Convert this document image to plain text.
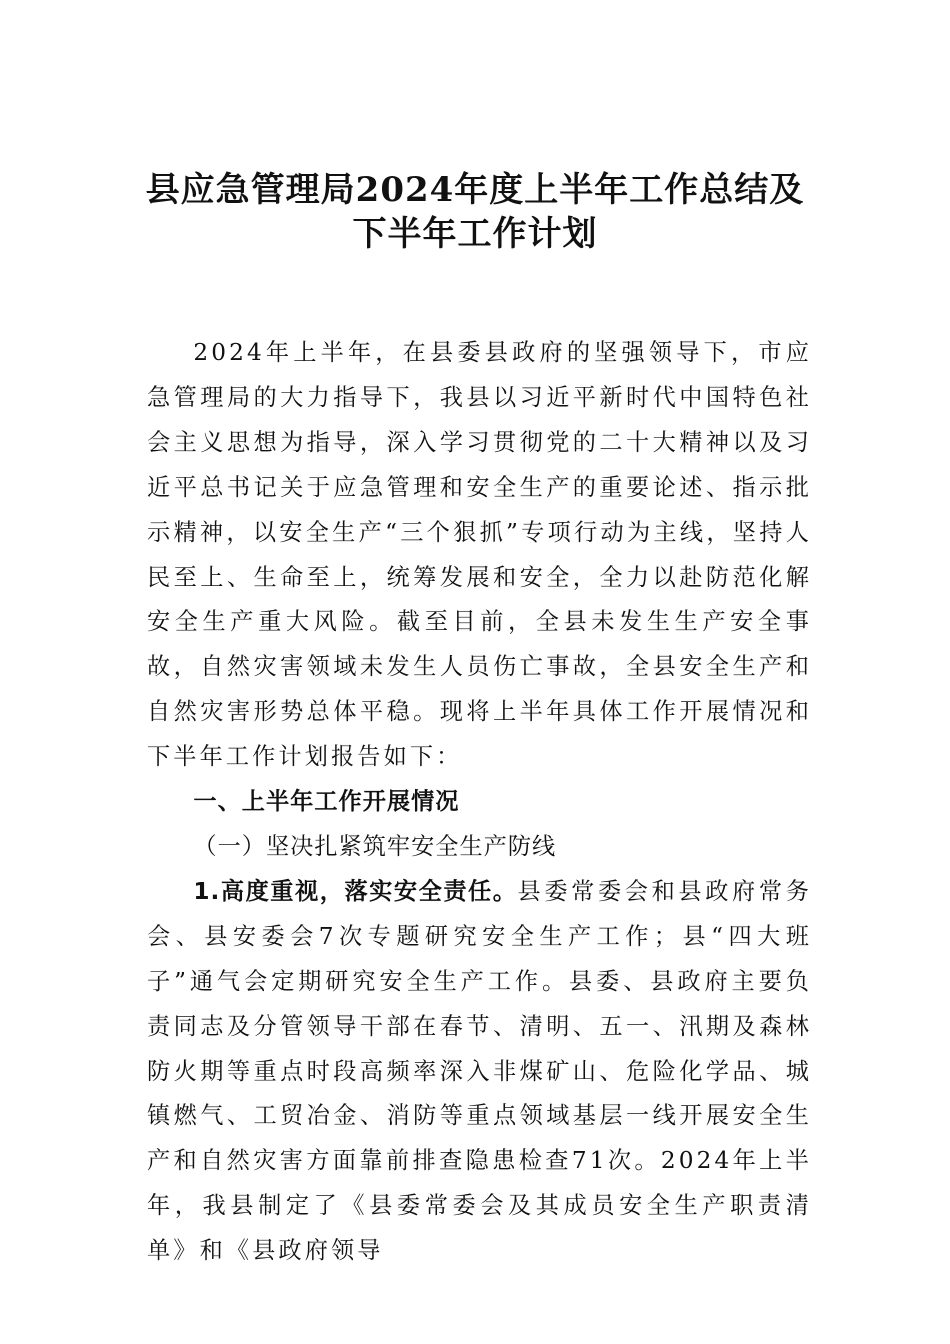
县应急管理局2024年度上半年工作总结及
下半年工作计划

2024年上半年，在县委县政府的坚强领导下，市应急管理局的大力指导下，我县以习近平新时代中国特色社会主义思想为指导，深入学习贯彻党的二十大精神以及习近平总书记关于应急管理和安全生产的重要论述、指示批示精神，以安全生产“三个狠抓”专项行动为主线，坚持人民至上、生命至上，统筹发展和安全，全力以赴防范化解安全生产重大风险。截至目前，全县未发生生产安全事故，自然灾害领域未发生人员伤亡事故，全县安全生产和自然灾害形势总体平稳。现将上半年具体工作开展情况和下半年工作计划报告如下：

一、上半年工作开展情况

（一）坚决扎紧筑牢安全生产防线

1.高度重视，落实安全责任。县委常委会和县政府常务会、县安委会7次专题研究安全生产工作；县“四大班子”通气会定期研究安全生产工作。县委、县政府主要负责同志及分管领导干部在春节、清明、五一、汛期及森林防火期等重点时段高频率深入非煤矿山、危险化学品、城镇燃气、工贸冶金、消防等重点领域基层一线开展安全生产和自然灾害方面靠前排查隐患检查71次。2024年上半年，我县制定了《县委常委会及其成员安全生产职责清单》和《县政府领导
